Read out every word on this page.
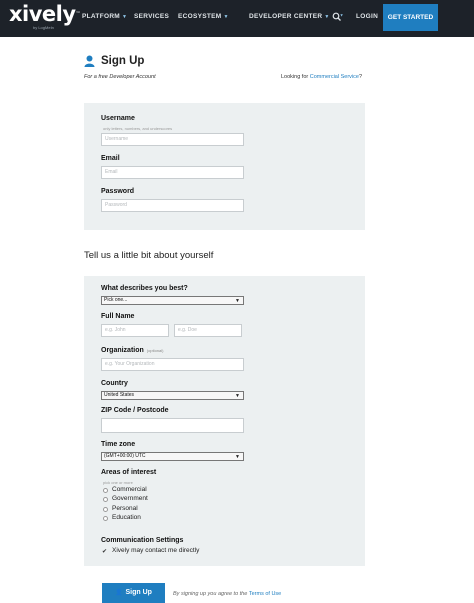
xively™
by LogMeIn
PLATFORM ▼ SERVICES ECOSYSTEM ▼	DEVELOPER CENTER ▼ ▼ LOGIN	GET STARTED
Sign Up
For a free Developer Account	Looking for Commercial Service?
Username
only letters, numbers, and underscores
Username
Email
Email
Password
Password
Tell us a little bit about yourself
What describes you best?
Pick one...	▼
Full Name
e.g. John	e.g. Doe
Organization (optional)
e.g. Your Organization
Country
United States	▼
ZIP Code / Postcode
Time zone
(GMT+00:00) UTC	▼
Areas of interest
pick one or more
Commercial
Government
Personal
Education
Communication Settings
✔ Xively may contact me directly
👤 Sign Up	By signing up you agree to the Terms of Use
